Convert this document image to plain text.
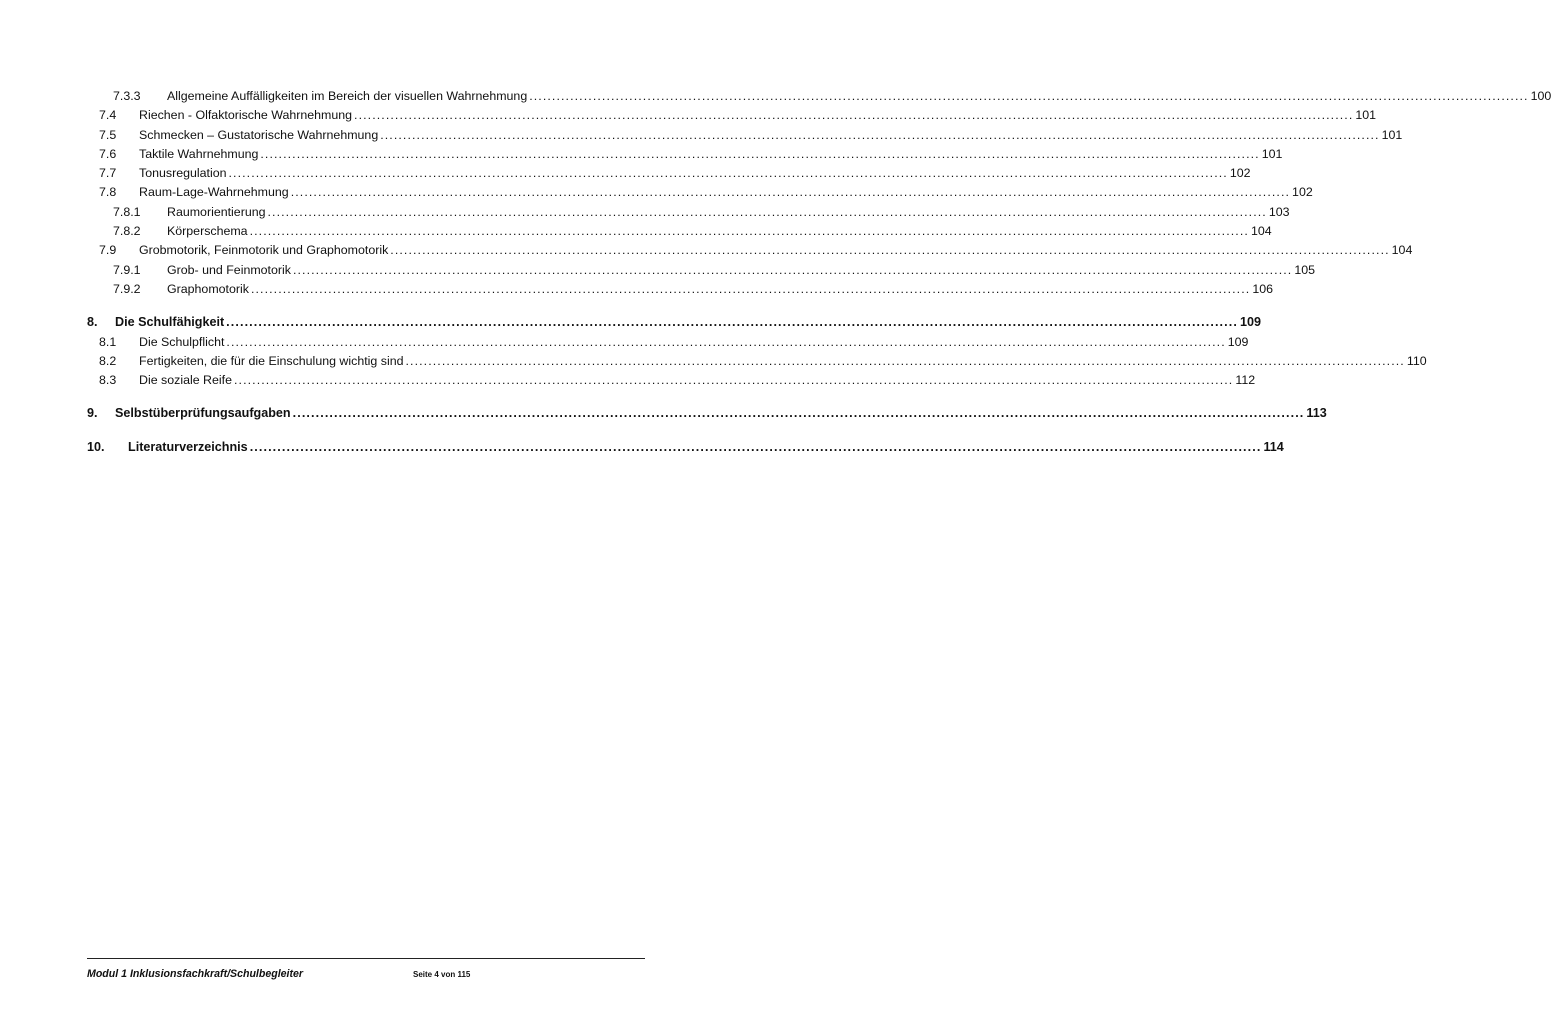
7.3.3	Allgemeine Auffälligkeiten im Bereich der visuellen Wahrnehmung ............................................................................................................................................................................................................................ 100
7.4	Riechen - Olfaktorische Wahrnehmung ............................................................................................................................................................................................................................ 101
7.5	Schmecken – Gustatorische Wahrnehmung ............................................................................................................................................................................................................................ 101
7.6	Taktile Wahrnehmung ............................................................................................................................................................................................................................ 101
7.7	Tonusregulation ............................................................................................................................................................................................................................ 102
7.8	Raum-Lage-Wahrnehmung ............................................................................................................................................................................................................................ 102
7.8.1	Raumorientierung ............................................................................................................................................................................................................................ 103
7.8.2	Körperschema ............................................................................................................................................................................................................................ 104
7.9	Grobmotorik, Feinmotorik und Graphomotorik ............................................................................................................................................................................................................................ 104
7.9.1	Grob- und Feinmotorik ............................................................................................................................................................................................................................ 105
7.9.2	Graphomotorik ............................................................................................................................................................................................................................ 106
8.	Die Schulfähigkeit ............................................................................................................................................................................................................................ 109
8.1	Die Schulpflicht ............................................................................................................................................................................................................................ 109
8.2	Fertigkeiten, die für die Einschulung wichtig sind ............................................................................................................................................................................................................................ 110
8.3	Die soziale Reife ............................................................................................................................................................................................................................ 112
9.	Selbstüberprüfungsaufgaben ............................................................................................................................................................................................................................ 113
10.	Literaturverzeichnis ............................................................................................................................................................................................................................ 114
Modul 1 Inklusionsfachkraft/Schulbegleiter	Seite 4 von 115
